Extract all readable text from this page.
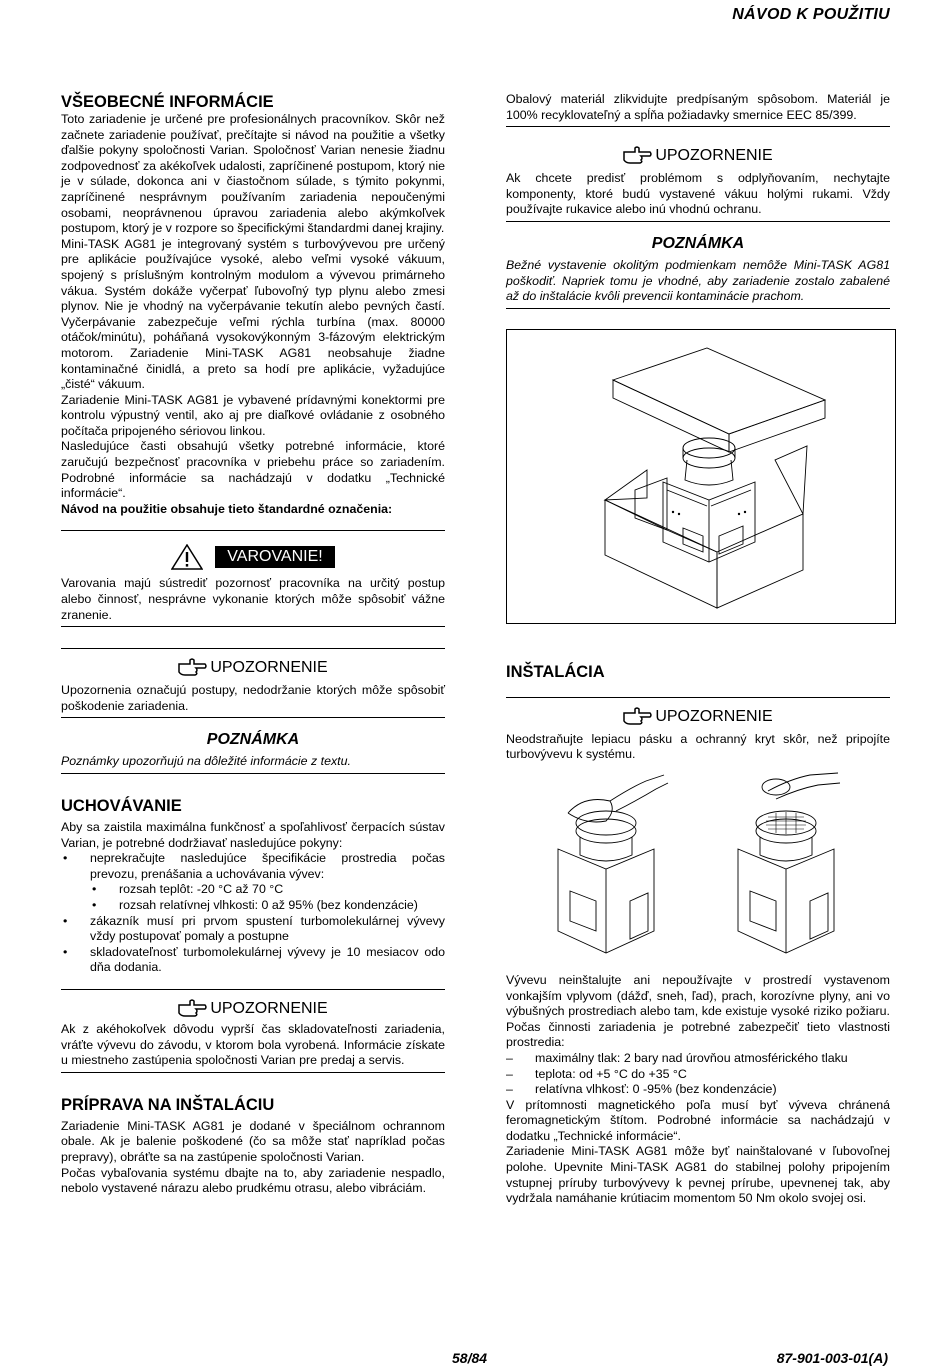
NÁVOD K POUŽITIU
VŠEOBECNÉ INFORMÁCIE

Toto zariadenie je určené pre profesionálnych pracovníkov. Skôr než začnete zariadenie používať, prečítajte si návod na použitie a všetky ďalšie pokyny spoločnosti Varian. Spoločnosť Varian nenesie žiadnu zodpovednosť za akékoľvek udalosti, zapríčinené postupom, ktorý nie je v súlade, dokonca ani v čiastočnom súlade, s týmito pokynmi, zapríčinené nesprávnym používaním zariadenia nepoučenými osobami, neoprávnenou úpravou zariadenia alebo akýmkoľvek postupom, ktorý je v rozpore so špecifickými štandardmi danej krajiny.

Mini-TASK AG81 je integrovaný systém s turbovývevou pre určený pre aplikácie používajúce vysoké, alebo veľmi vysoké vákuum, spojený s príslušným kontrolným modulom a vývevou primárneho vákua. Systém dokáže vyčerpať ľubovoľný typ plynu alebo zmesi plynov. Nie je vhodný na vyčerpávanie tekutín alebo pevných častí. Vyčerpávanie zabezpečuje veľmi rýchla turbína (max. 80000 otáčok/minútu), poháňaná vysokovýkonným 3-fázovým elektrickým motorom. Zariadenie Mini-TASK AG81 neobsahuje žiadne kontaminačné činidlá, a preto sa hodí pre aplikácie, vyžadujúce „čisté“ vákuum.

Zariadenie Mini-TASK AG81 je vybavené prídavnými konektormi pre kontrolu výpustný ventil, ako aj pre diaľkové ovládanie z osobného počítača pripojeného sériovou linkou.

Nasledujúce časti obsahujú všetky potrebné informácie, ktoré zaručujú bezpečnosť pracovníka v priebehu práce so zariadením. Podrobné informácie sa nachádzajú v dodatku „Technické informácie“.

Návod na použitie obsahuje tieto štandardné označenia:

VAROVANIE!

Varovania majú sústrediť pozornosť pracovníka na určitý postup alebo činnosť, nesprávne vykonanie ktorých môže spôsobiť vážne zranenie.

UPOZORNENIE

Upozornenia označujú postupy, nedodržanie ktorých môže spôsobiť poškodenie zariadenia.

POZNÁMKA

Poznámky upozorňujú na dôležité informácie z textu.

UCHOVÁVANIE

Aby sa zaistila maximálna funkčnosť a spoľahlivosť čerpacích sústav Varian, je potrebné dodržiavať nasledujúce pokyny:

• neprekračujte nasledujúce špecifikácie prostredia počas prevozu, prenášania a uchovávania vývev:
• rozsah teplôt: -20 °C až 70 °C
• rozsah relatívnej vlhkosti: 0 až 95% (bez kondenzácie)
• zákazník musí pri prvom spustení turbomolekulárnej vývevy vždy postupovať pomaly a postupne
• skladovateľnosť turbomolekulárnej vývevy je 10 mesiacov odo dňa dodania.
UPOZORNENIE

Ak z akéhokoľvek dôvodu vyprší čas skladovateľnosti zariadenia, vráťte vývevu do závodu, v ktorom bola vyrobená. Informácie získate u miestneho zastúpenia spoločnosti Varian pre predaj a servis.

PRÍPRAVA NA INŠTALÁCIU

Zariadenie Mini-TASK AG81 je dodané v špeciálnom ochrannom obale. Ak je balenie poškodené (čo sa môže stať napríklad počas prepravy), obráťte sa na zastúpenie spoločnosti Varian.

Počas vybaľovania systému dbajte na to, aby zariadenie nespadlo, nebolo vystavené nárazu alebo prudkému otrasu, alebo vibráciám.

Obalový materiál zlikvidujte predpísaným spôsobom. Materiál je 100% recyklovateľný a spĺňa požiadavky smernice EEC 85/399.

UPOZORNENIE

Ak chcete predisť problémom s odplyňovaním, nechytajte komponenty, ktoré budú vystavené vákuu holými rukami. Vždy používajte rukavice alebo inú vhodnú ochranu.

POZNÁMKA

Bežné vystavenie okolitým podmienkam nemôže Mini-TASK AG81 poškodiť. Napriek tomu je vhodné, aby zariadenie zostalo zabalené až do inštalácie kvôli prevencii kontaminácie prachom.

INŠTALÁCIA
UPOZORNENIE

Neodstraňujte lepiacu pásku a ochranný kryt skôr, než pripojíte turbovývevu k systému.

Vývevu neinštalujte ani nepoužívajte v prostredí vystavenom vonkajším vplyvom (dážď, sneh, ľad), prach, korozívne plyny, ani vo výbušných prostrediach alebo tam, kde existuje vysoké riziko požiaru. Počas činnosti zariadenia je potrebné zabezpečiť tieto vlastnosti prostredia:

– maximálny tlak: 2 bary nad úrovňou atmosférického tlaku
– teplota: od +5 °C do +35 °C
– relatívna vlhkosť: 0 -95% (bez kondenzácie)

V prítomnosti magnetického poľa musí byť výveva chránená feromagnetickým štítom. Podrobné informácie sa nachádzajú v dodatku „Technické informácie“.

Zariadenie Mini-TASK AG81 môže byť nainštalované v ľubovoľnej polohe. Upevnite Mini-TASK AG81 do stabilnej polohy pripojením vstupnej príruby turbovývevy k pevnej prírube, upevnenej tak, aby vydržala namáhanie krútiacim momentom 50 Nm okolo svojej osi.

58/84	87-901-003-01(A)
